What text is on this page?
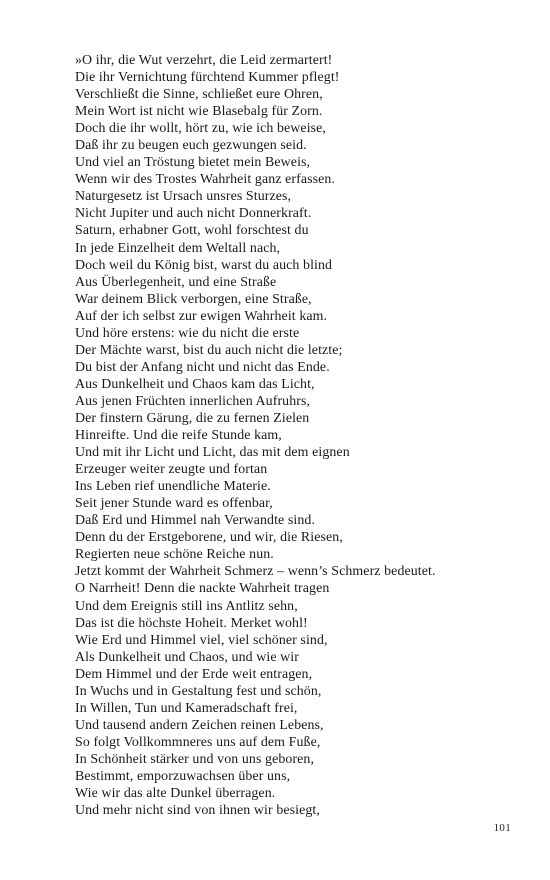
»O ihr, die Wut verzehrt, die Leid zermartert!
Die ihr Vernichtung fürchtend Kummer pflegt!
Verschließt die Sinne, schließet eure Ohren,
Mein Wort ist nicht wie Blasebalg für Zorn.
Doch die ihr wollt, hört zu, wie ich beweise,
Daß ihr zu beugen euch gezwungen seid.
Und viel an Tröstung bietet mein Beweis,
Wenn wir des Trostes Wahrheit ganz erfassen.
Naturgesetz ist Ursach unsres Sturzes,
Nicht Jupiter und auch nicht Donnerkraft.
Saturn, erhabner Gott, wohl forschtest du
In jede Einzelheit dem Weltall nach,
Doch weil du König bist, warst du auch blind
Aus Überlegenheit, und eine Straße
War deinem Blick verborgen, eine Straße,
Auf der ich selbst zur ewigen Wahrheit kam.
Und höre erstens: wie du nicht die erste
Der Mächte warst, bist du auch nicht die letzte;
Du bist der Anfang nicht und nicht das Ende.
Aus Dunkelheit und Chaos kam das Licht,
Aus jenen Früchten innerlichen Aufruhrs,
Der finstern Gärung, die zu fernen Zielen
Hinreifte. Und die reife Stunde kam,
Und mit ihr Licht und Licht, das mit dem eignen
Erzeuger weiter zeugte und fortan
Ins Leben rief unendliche Materie.
Seit jener Stunde ward es offenbar,
Daß Erd und Himmel nah Verwandte sind.
Denn du der Erstgeborene, und wir, die Riesen,
Regierten neue schöne Reiche nun.
Jetzt kommt der Wahrheit Schmerz – wenn’s Schmerz bedeutet.
O Narrheit! Denn die nackte Wahrheit tragen
Und dem Ereignis still ins Antlitz sehn,
Das ist die höchste Hoheit. Merket wohl!
Wie Erd und Himmel viel, viel schöner sind,
Als Dunkelheit und Chaos, und wie wir
Dem Himmel und der Erde weit entragen,
In Wuchs und in Gestaltung fest und schön,
In Willen, Tun und Kameradschaft frei,
Und tausend andern Zeichen reinen Lebens,
So folgt Vollkommneres uns auf dem Fuße,
In Schönheit stärker und von uns geboren,
Bestimmt, emporzuwachsen über uns,
Wie wir das alte Dunkel überragen.
Und mehr nicht sind von ihnen wir besiegt,
101
